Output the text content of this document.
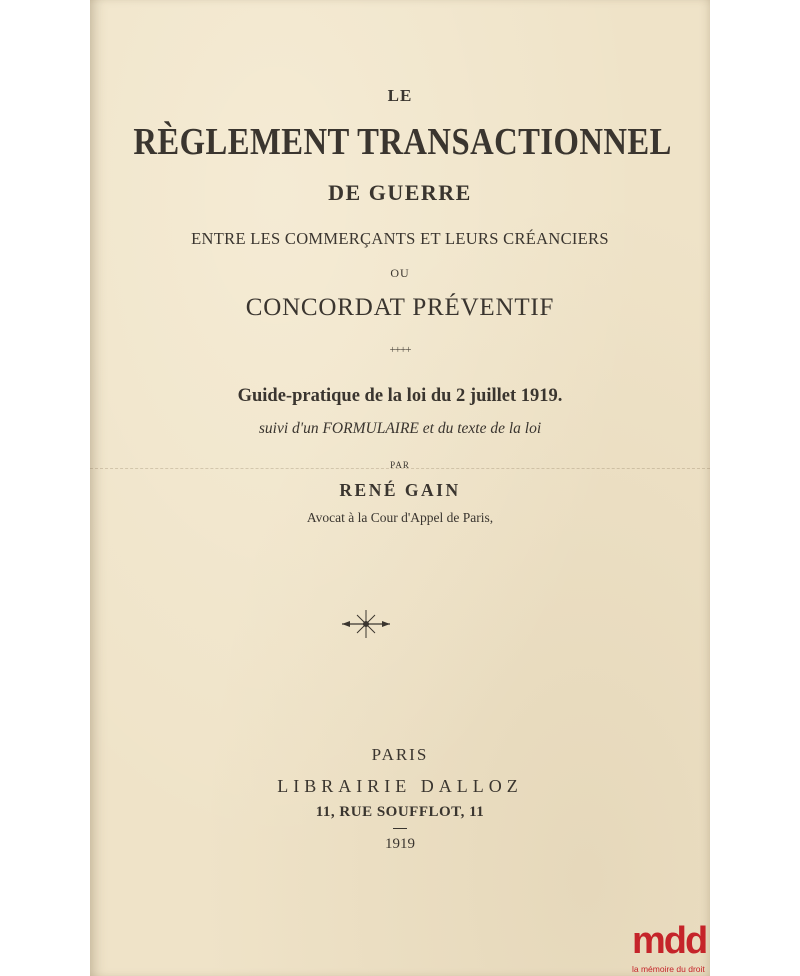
LE
RÈGLEMENT TRANSACTIONNEL
DE GUERRE
ENTRE LES COMMERÇANTS ET LEURS CRÉANCIERS
OU
CONCORDAT PRÉVENTIF
++++
Guide-pratique de la loi du 2 juillet 1919.
suivi d'un FORMULAIRE et du texte de la loi
PAR
RENÉ GAIN
Avocat à la Cour d'Appel de Paris,
PARIS
LIBRAIRIE DALLOZ
11, RUE SOUFFLOT, 11
1919
mdd
la mémoire du droit
